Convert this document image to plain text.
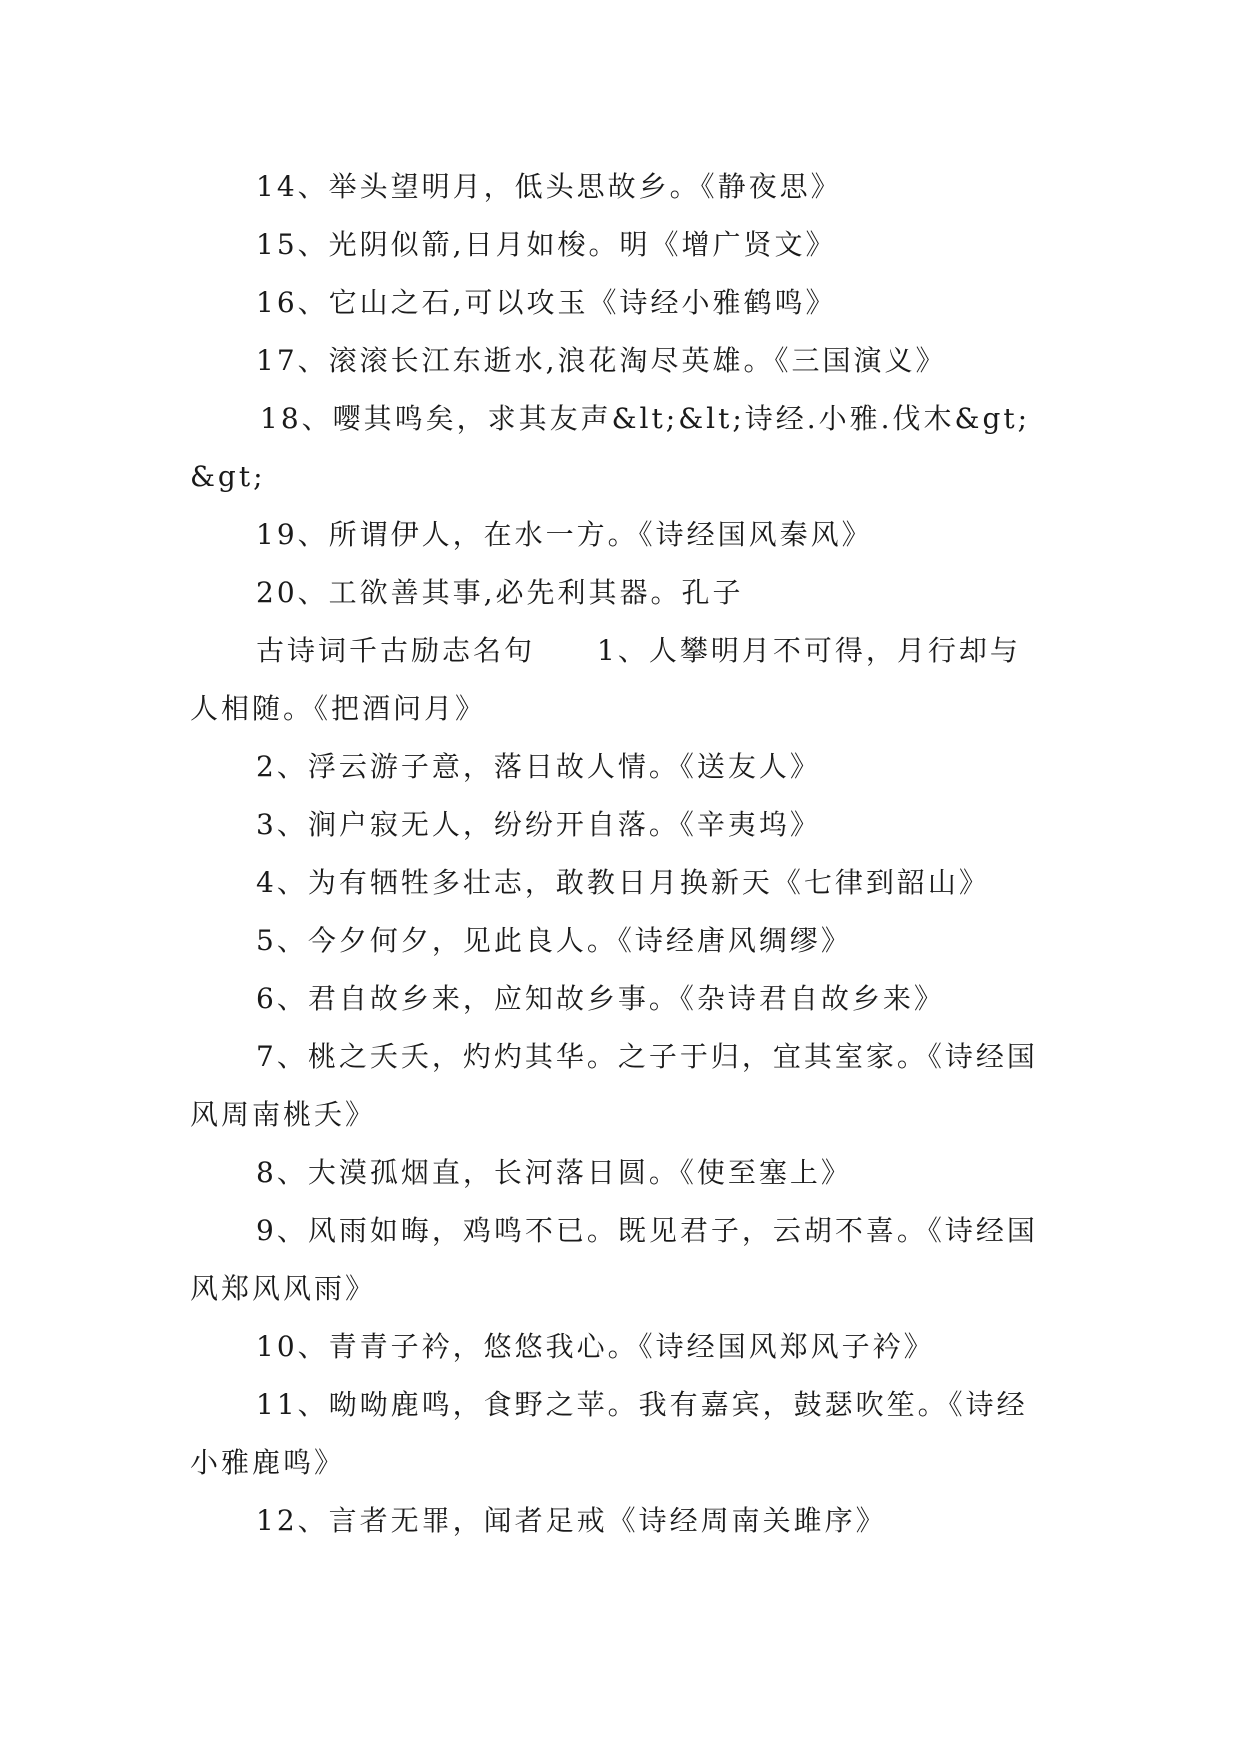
14、举头望明月，低头思故乡。《静夜思》

15、光阴似箭,日月如梭。明《增广贤文》

16、它山之石,可以攻玉《诗经小雅鹤鸣》

17、滚滚长江东逝水,浪花淘尽英雄。《三国演义》

18、嘤其鸣矣，求其友声&lt;&lt;诗经.小雅.伐木&gt;&gt;

19、所谓伊人，在水一方。《诗经国风秦风》

20、工欲善其事,必先利其器。孔子

古诗词千古励志名句　　1、人攀明月不可得，月行却与人相随。《把酒问月》

2、浮云游子意，落日故人情。《送友人》

3、涧户寂无人，纷纷开自落。《辛夷坞》

4、为有牺牲多壮志，敢教日月换新天《七律到韶山》

5、今夕何夕，见此良人。《诗经唐风绸缪》

6、君自故乡来，应知故乡事。《杂诗君自故乡来》

7、桃之夭夭，灼灼其华。之子于归，宜其室家。《诗经国风周南桃夭》

8、大漠孤烟直，长河落日圆。《使至塞上》

9、风雨如晦，鸡鸣不已。既见君子，云胡不喜。《诗经国风郑风风雨》

10、青青子衿，悠悠我心。《诗经国风郑风子衿》

11、呦呦鹿鸣，食野之苹。我有嘉宾，鼓瑟吹笙。《诗经小雅鹿鸣》

12、言者无罪，闻者足戒《诗经周南关雎序》
